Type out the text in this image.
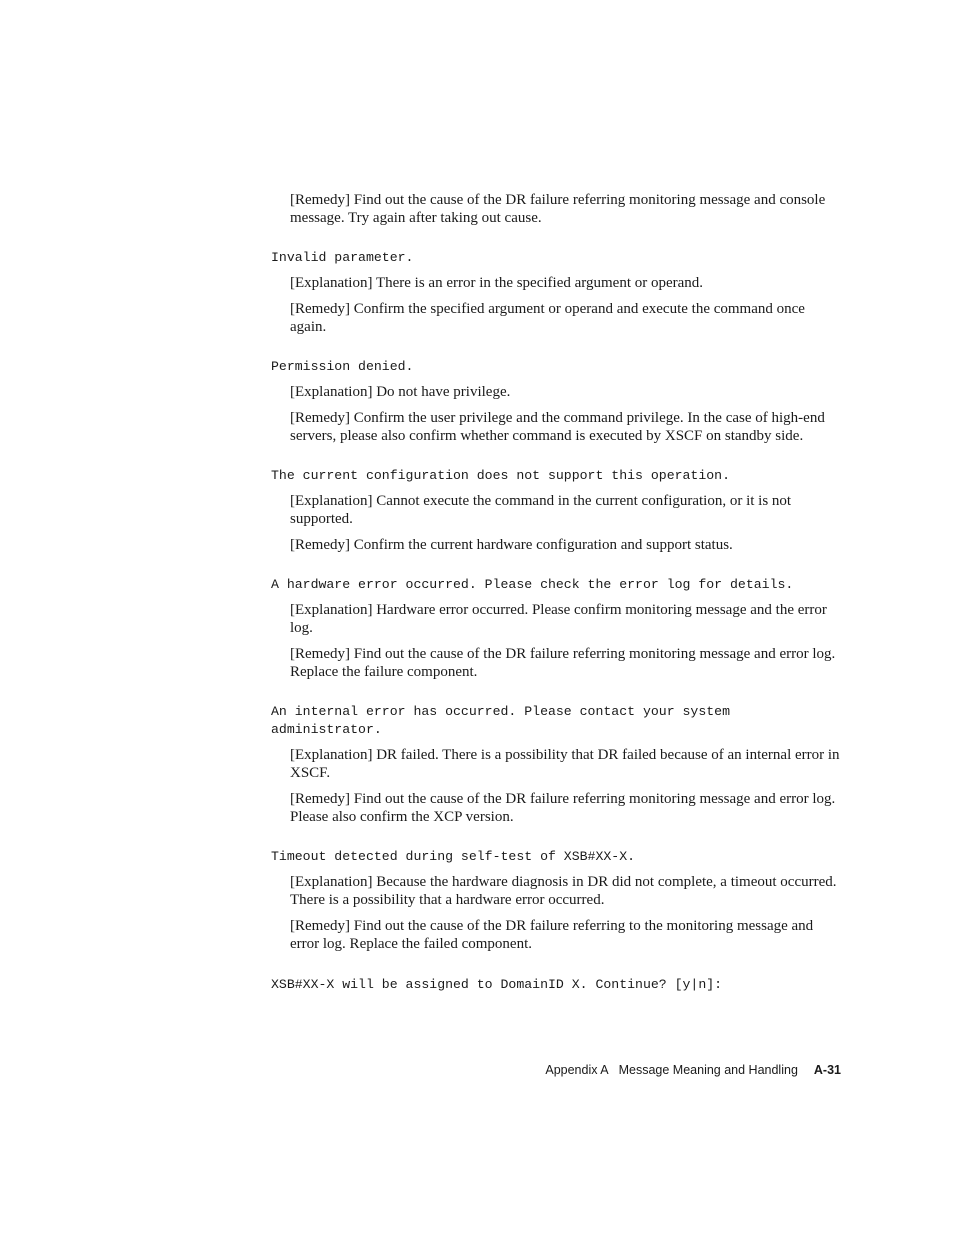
[Remedy] Find out the cause of the DR failure referring monitoring message and console message. Try again after taking out cause.

Invalid parameter.

[Explanation] There is an error in the specified argument or operand.

[Remedy] Confirm the specified argument or operand and execute the command once again.

Permission denied.

[Explanation] Do not have privilege.

[Remedy] Confirm the user privilege and the command privilege. In the case of high-end servers, please also confirm whether command is executed by XSCF on standby side.

The current configuration does not support this operation.

[Explanation] Cannot execute the command in the current configuration, or it is not supported.

[Remedy] Confirm the current hardware configuration and support status.

A hardware error occurred. Please check the error log for details.

[Explanation] Hardware error occurred. Please confirm monitoring message and the error log.

[Remedy] Find out the cause of the DR failure referring monitoring message and error log. Replace the failure component.

An internal error has occurred. Please contact your system administrator.

[Explanation] DR failed. There is a possibility that DR failed because of an internal error in XSCF.

[Remedy] Find out the cause of the DR failure referring monitoring message and error log. Please also confirm the XCP version.

Timeout detected during self-test of XSB#XX-X.

[Explanation] Because the hardware diagnosis in DR did not complete, a timeout occurred. There is a possibility that a hardware error occurred.

[Remedy] Find out the cause of the DR failure referring to the monitoring message and error log. Replace the failed component.

XSB#XX-X will be assigned to DomainID X. Continue? [y|n]:
Appendix A Message Meaning and Handling A-31
